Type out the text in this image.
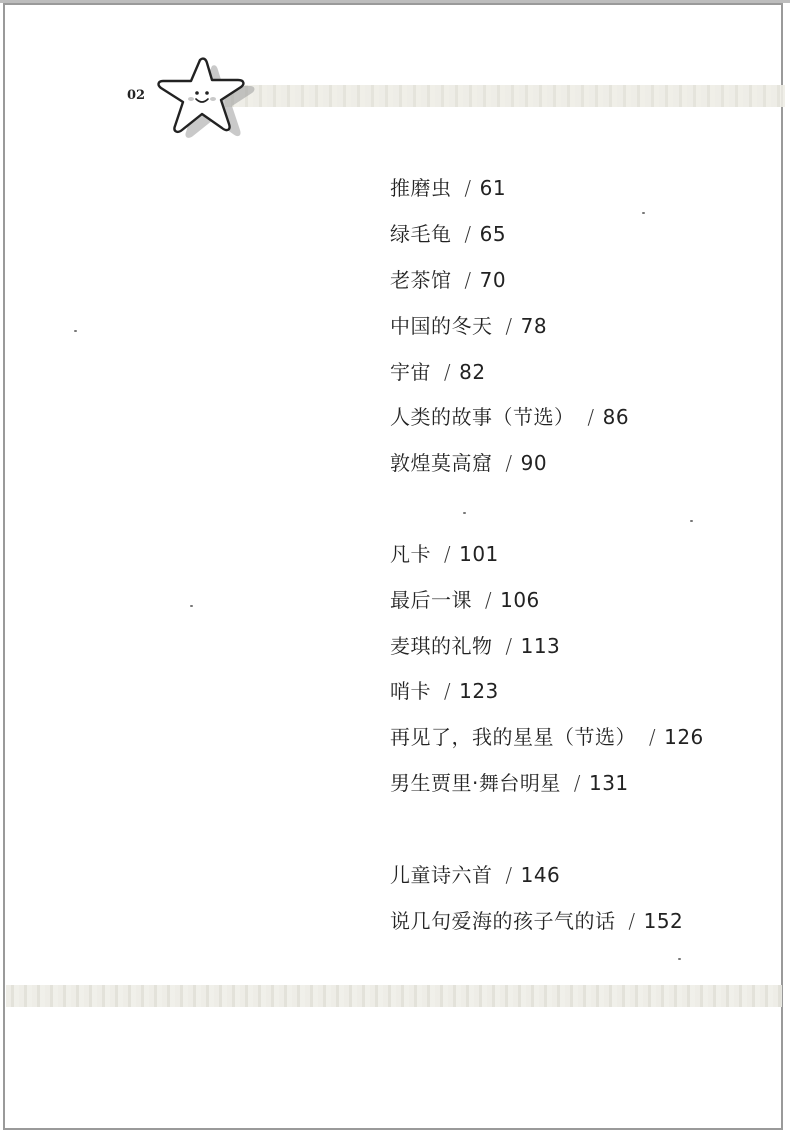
02
推磨虫 / 61
绿毛龟 / 65
老茶馆 / 70
中国的冬天 / 78
宇宙 / 82
人类的故事（节选） / 86
敦煌莫高窟 / 90
凡卡 / 101
最后一课 / 106
麦琪的礼物 / 113
哨卡 / 123
再见了，我的星星（节选） / 126
男生贾里·舞台明星 / 131
儿童诗六首 / 146
说几句爱海的孩子气的话 / 152
